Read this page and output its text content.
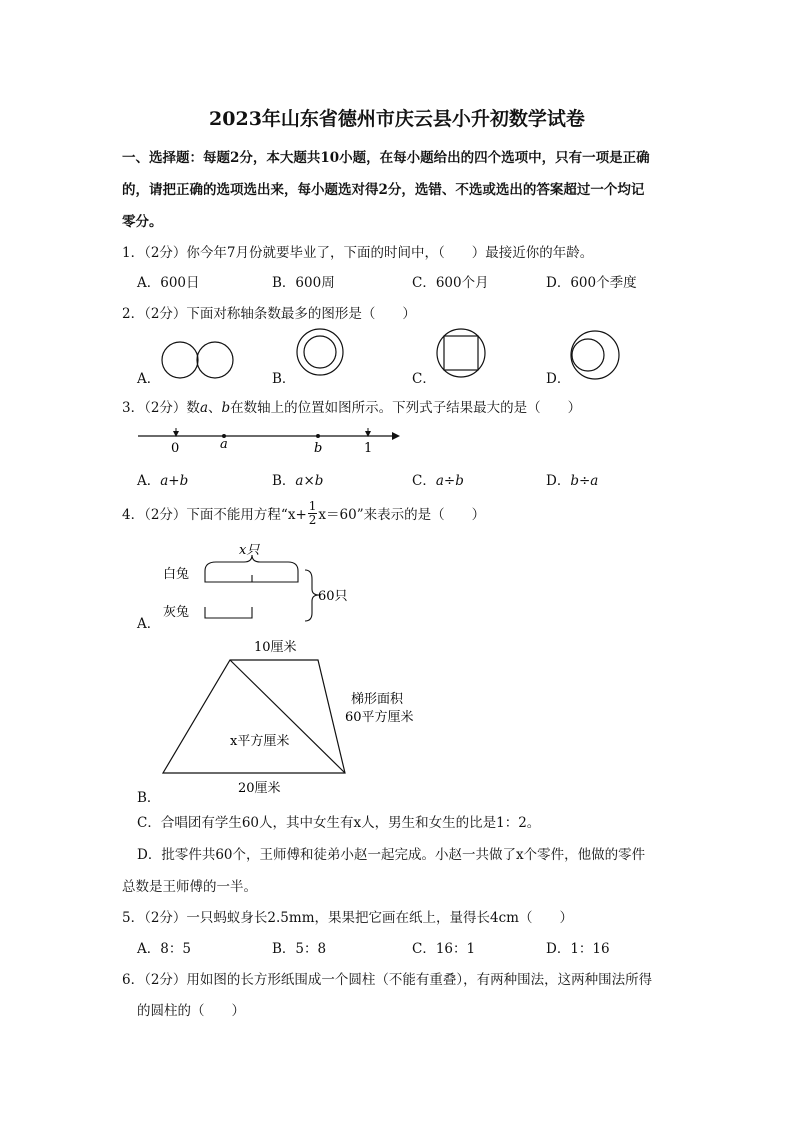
2023年山东省德州市庆云县小升初数学试卷
一、选择题：每题2分，本大题共10小题，在每小题给出的四个选项中，只有一项是正确
的，请把正确的选项选出来，每小题选对得2分，选错、不选或选出的答案超过一个均记
零分。
1．（2分）你今年7月份就要毕业了，下面的时间中，（　　）最接近你的年龄。
A．600日	B．600周	C．600个月	D．600个季度
2．（2分）下面对称轴条数最多的图形是（　　）
A．	B．	C．	D．
3．（2分）数a、b在数轴上的位置如图所示。下列式子结果最大的是（　　）
0	a	b	1
A．a+b	B．a×b	C．a÷b	D．b÷a
4．（2分）下面不能用方程“$x+ \frac{1}{2} x=60$”来表示的是（　　）
A．
x只
白兔
灰兔
60只
B．
10厘米
20厘米
x平方厘米
梯形面积
60平方厘米
C．合唱团有学生60人，其中女生有x人，男生和女生的比是1：2。
D．批零件共60个，王师傅和徒弟小赵一起完成。小赵一共做了x个零件，他做的零件
总数是王师傅的一半。
5．（2分）一只蚂蚁身长2.5mm，果果把它画在纸上，量得长4cm（　　）
A．8：5	B．5：8	C．16：1	D．1：16
6．（2分）用如图的长方形纸围成一个圆柱（不能有重叠），有两种围法，这两种围法所得
的圆柱的（　　）
